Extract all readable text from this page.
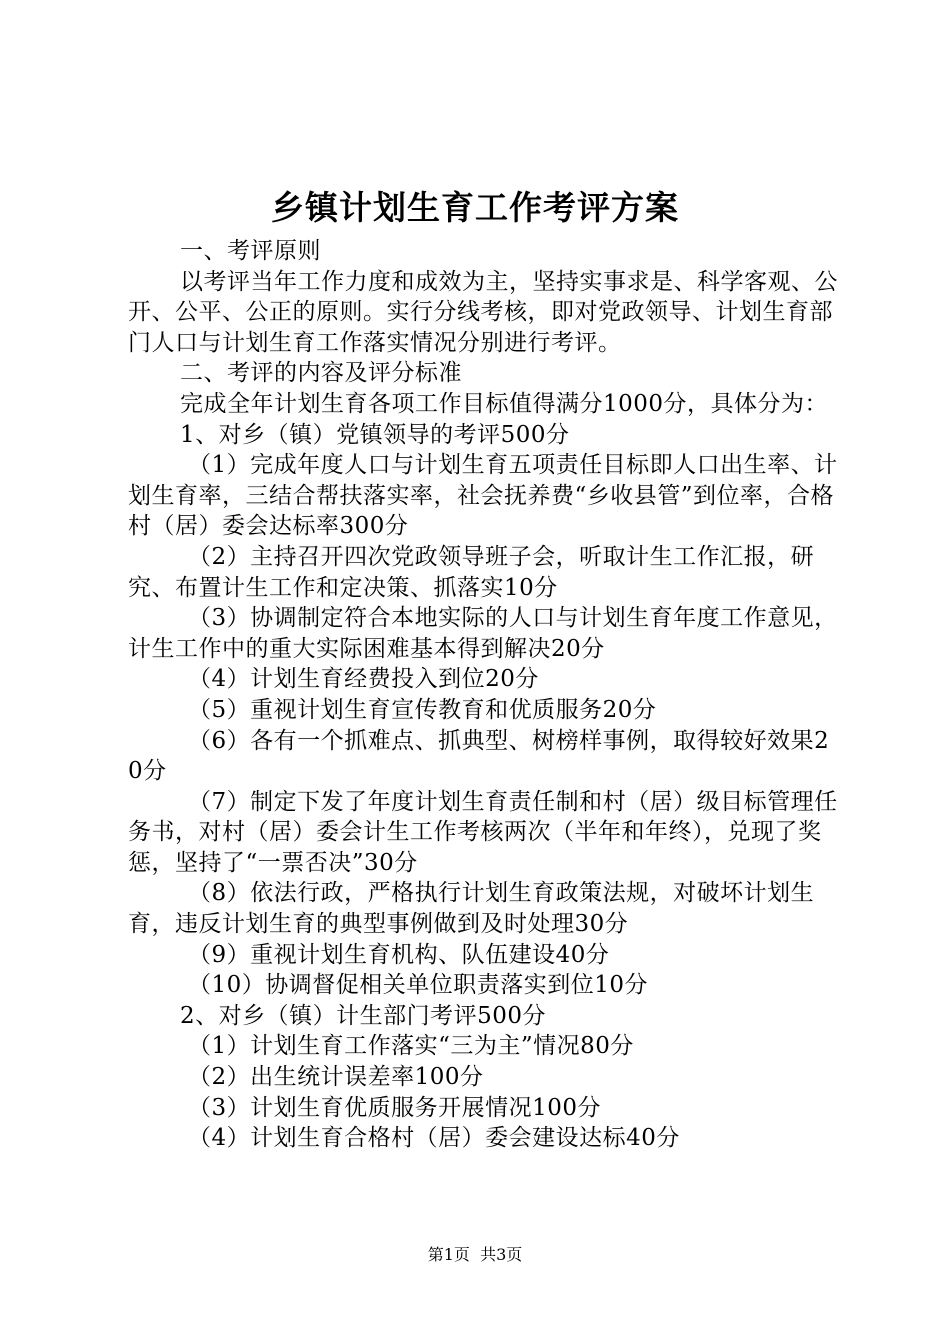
乡镇计划生育工作考评方案

一、考评原则

以考评当年工作力度和成效为主，坚持实事求是、科学客观、公开、公平、公正的原则。实行分线考核，即对党政领导、计划生育部门人口与计划生育工作落实情况分别进行考评。

二、考评的内容及评分标准

完成全年计划生育各项工作目标值得满分1000分，具体分为：

1、对乡（镇）党镇领导的考评500分

（1）完成年度人口与计划生育五项责任目标即人口出生率、计划生育率，三结合帮扶落实率，社会抚养费“乡收县管”到位率，合格村（居）委会达标率300分

（2）主持召开四次党政领导班子会，听取计生工作汇报，研究、布置计生工作和定决策、抓落实10分

（3）协调制定符合本地实际的人口与计划生育年度工作意见，计生工作中的重大实际困难基本得到解决20分

（4）计划生育经费投入到位20分

（5）重视计划生育宣传教育和优质服务20分

（6）各有一个抓难点、抓典型、树榜样事例，取得较好效果20分

（7）制定下发了年度计划生育责任制和村（居）级目标管理任务书，对村（居）委会计生工作考核两次（半年和年终），兑现了奖惩，坚持了“一票否决”30分

（8）依法行政，严格执行计划生育政策法规，对破坏计划生育，违反计划生育的典型事例做到及时处理30分

（9）重视计划生育机构、队伍建设40分

（10）协调督促相关单位职责落实到位10分

2、对乡（镇）计生部门考评500分

（1）计划生育工作落实“三为主”情况80分

（2）出生统计误差率100分

（3）计划生育优质服务开展情况100分

（4）计划生育合格村（居）委会建设达标40分

第1页  共3页
